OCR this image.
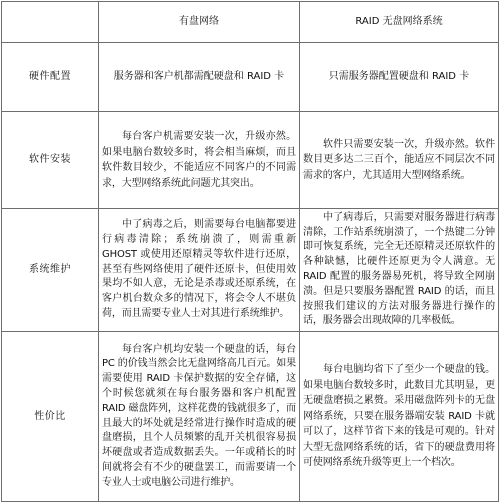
	有盘网络	RAID 无盘网络系统
硬件配置	服务器和客户机都需配硬盘和 RAID 卡	只需服务器配置硬盘和 RAID 卡
软件安装	每台客户机需要安装一次，升级亦然。如果电脑台数较多时，将会相当麻烦，而且软件数目较少，不能适应不同客户的不同需求，大型网络系统此问题尤其突出。	软件只需要安装一次，升级亦然。软件数目更多达二三百个，能适应不同层次不同需求的客户，尤其适用大型网络系统。
系统维护	中了病毒之后，则需要每台电脑都要进行病毒清除；系统崩溃了，则需重新 GHOST 或使用还原精灵等软件进行还原，甚至有些网络使用了硬件还原卡，但使用效果均不如人意，无论是杀毒或还原系统，在客户机台数众多的情况下，将会令人不堪负荷，而且需要专业人士对其进行系统维护。	中了病毒后，只需要对服务器进行病毒清除，工作站系统崩溃了，一个热键二分钟即可恢复系统，完全无还原精灵还原软件的各种缺憾，比硬件还原更为令人满意。无 RAID 配置的服务器易死机，将导致全网崩溃。但是只要服务器配置 RAID 的话，而且按照我们建议的方法对服务器进行操作的话，服务器会出现故障的几率极低。
性价比	每台客户机均安装一个硬盘的话，每台 PC 的价钱当然会比无盘网络高几百元。如果需要使用 RAID 卡保护数据的安全存储，这个时候您就须在每台服务器和客户机配置 RAID 磁盘阵列，这样花费的钱就很多了，而且最大的坏处就是经常进行操作时造成的硬盘磨损，且个人员频繁的乱开关机很容易损坏硬盘或者造成数据丢失。一年或稍长的时间就将会有不少的硬盘罢工，而需要请一个专业人士或电脑公司进行维护。	每台电脑均省下了至少一个硬盘的钱。如果电脑台数较多时，此数目尤其明显，更无硬盘磨损之累赘。采用磁盘阵列卡的无盘网络系统，只要在服务器端安装 RAID 卡就可以了，这样节省下来的钱是可观的。针对大型无盘网络系统的话，省下的硬盘费用将可使网络系统升级等更上一个档次。
